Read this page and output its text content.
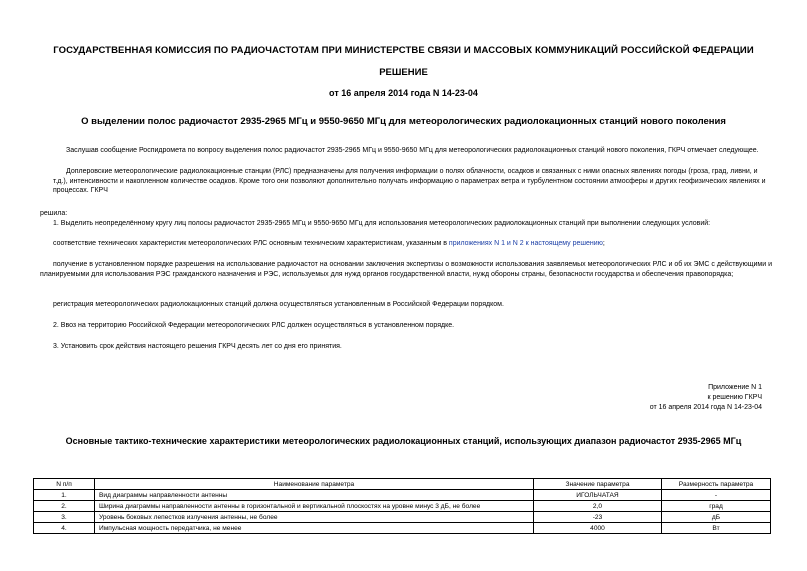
ГОСУДАРСТВЕННАЯ КОМИССИЯ ПО РАДИОЧАСТОТАМ ПРИ МИНИСТЕРСТВЕ СВЯЗИ И МАССОВЫХ КОММУНИКАЦИЙ РОССИЙСКОЙ ФЕДЕРАЦИИ
РЕШЕНИЕ
от 16 апреля 2014 года N 14-23-04
О выделении полос радиочастот 2935-2965 МГц и 9550-9650 МГц для метеорологических радиолокационных станций нового поколения
Заслушав сообщение Роспидромета по вопросу выделения полос радиочастот 2935-2965 МГц и 9550-9650 МГц для метеорологических радиолокационных станций нового поколения, ГКРЧ отмечает следующее.
Доплеровские метеорологические радиолокационные станции (РЛС) предназначены для получения информации о полях облачности, осадков и связанных с ними опасных явлениях погоды (гроза, град, ливни, и т.д.), интенсивности и накопленном количестве осадков. Кроме того они позволяют дополнительно получать информацию о параметрах ветра и турбулентном состоянии атмосферы и других геофизических явлениях и процессах. ГКРЧ
решила:
1. Выделить неопределённому кругу лиц полосы радиочастот 2935-2965 МГц и 9550-9650 МГц для использования метеорологических радиолокационных станций при выполнении следующих условий:
соответствие технических характеристик метеорологических РЛС основным техническим характеристикам, указанным в приложениях N 1 и N 2 к настоящему решению;
получение в установленном порядке разрешения на использование радиочастот на основании заключения экспертизы о возможности использования заявляемых метеорологических РЛС и об их ЭМС с действующими и планируемыми для использования РЭС гражданского назначения и РЭС, используемых для нужд органов государственной власти, нужд обороны страны, безопасности государства и обеспечения правопорядка;
регистрация метеорологических радиолокационных станций должна осуществляться установленным в Российской Федерации порядком.
2. Ввоз на территорию Российской Федерации метеорологических РЛС должен осуществляться в установленном порядке.
3. Установить срок действия настоящего решения ГКРЧ десять лет со дня его принятия.
Приложение N 1
к решению ГКРЧ
от 16 апреля 2014 года N 14-23-04
Основные тактико-технические характеристики метеорологических радиолокационных станций, использующих диапазон радиочастот 2935-2965 МГц
N п/п	Наименование параметра	Значение параметра	Размерность параметра
1.	Вид диаграммы направленности антенны	ИГОЛЬЧАТАЯ	-
2.	Ширина диаграммы направленности антенны в горизонтальной и вертикальной плоскостях на уровне минус 3 дБ, не более	2,0	град
3.	Уровень боковых лепестков излучения антенны, не более	-23	дБ
4.	Импульсная мощность передатчика, не менее	4000	Вт
